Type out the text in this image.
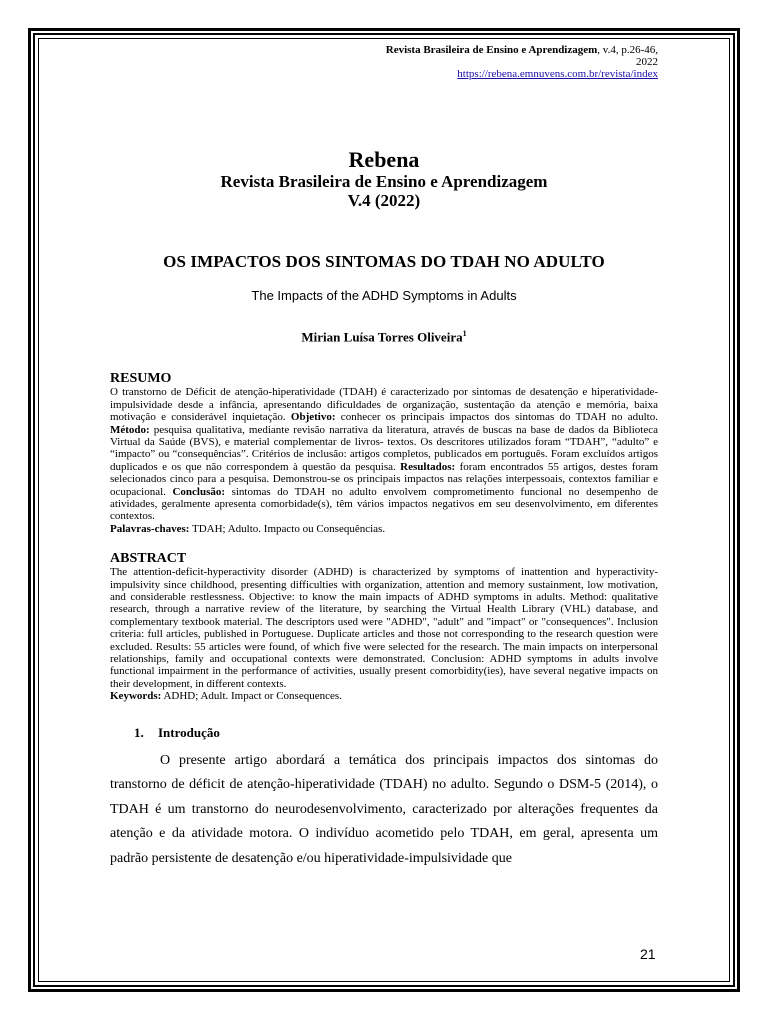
Revista Brasileira de Ensino e Aprendizagem, v.4, p.26-46,
2022
https://rebena.emnuvens.com.br/revista/index
Rebena
Revista Brasileira de Ensino e Aprendizagem
V.4 (2022)
OS IMPACTOS DOS SINTOMAS DO TDAH NO ADULTO
The Impacts of the ADHD Symptoms in Adults
Mirian Luísa Torres Oliveira$^1$
RESUMO
O transtorno de Déficit de atenção-hiperatividade (TDAH) é caracterizado por sintomas de desatenção e hiperatividade-impulsividade desde a infância, apresentando dificuldades de organização, sustentação da atenção e memória, baixa motivação e considerável inquietação. Objetivo: conhecer os principais impactos dos sintomas do TDAH no adulto. Método: pesquisa qualitativa, mediante revisão narrativa da literatura, através de buscas na base de dados da Biblioteca Virtual da Saúde (BVS), e material complementar de livros- textos. Os descritores utilizados foram “TDAH”, “adulto” e “impacto” ou “consequências”. Critérios de inclusão: artigos completos, publicados em português. Foram excluídos artigos duplicados e os que não correspondem à questão da pesquisa. Resultados: foram encontrados 55 artigos, destes foram selecionados cinco para a pesquisa. Demonstrou-se os principais impactos nas relações interpessoais, contextos familiar e ocupacional. Conclusão: sintomas do TDAH no adulto envolvem comprometimento funcional no desempenho de atividades, geralmente apresenta comorbidade(s), têm vários impactos negativos em seu desenvolvimento, em diferentes contextos.
Palavras-chaves: TDAH; Adulto. Impacto ou Consequências.
ABSTRACT
The attention-deficit-hyperactivity disorder (ADHD) is characterized by symptoms of inattention and hyperactivity-impulsivity since childhood, presenting difficulties with organization, attention and memory sustainment, low motivation, and considerable restlessness. Objective: to know the main impacts of ADHD symptoms in adults. Method: qualitative research, through a narrative review of the literature, by searching the Virtual Health Library (VHL) database, and complementary textbook material. The descriptors used were "ADHD", "adult" and "impact" or "consequences". Inclusion criteria: full articles, published in Portuguese. Duplicate articles and those not corresponding to the research question were excluded. Results: 55 articles were found, of which five were selected for the research. The main impacts on interpersonal relationships, family and occupational contexts were demonstrated. Conclusion: ADHD symptoms in adults involve functional impairment in the performance of activities, usually present comorbidity(ies), have several negative impacts on their development, in different contexts.
Keywords: ADHD; Adult. Impact or Consequences.
1. Introdução
O presente artigo abordará a temática dos principais impactos dos sintomas do transtorno de déficit de atenção-hiperatividade (TDAH) no adulto. Segundo o DSM-5 (2014), o TDAH é um transtorno do neurodesenvolvimento, caracterizado por alterações frequentes da atenção e da atividade motora. O indivíduo acometido pelo TDAH, em geral, apresenta um padrão persistente de desatenção e/ou hiperatividade-impulsividade que
21
